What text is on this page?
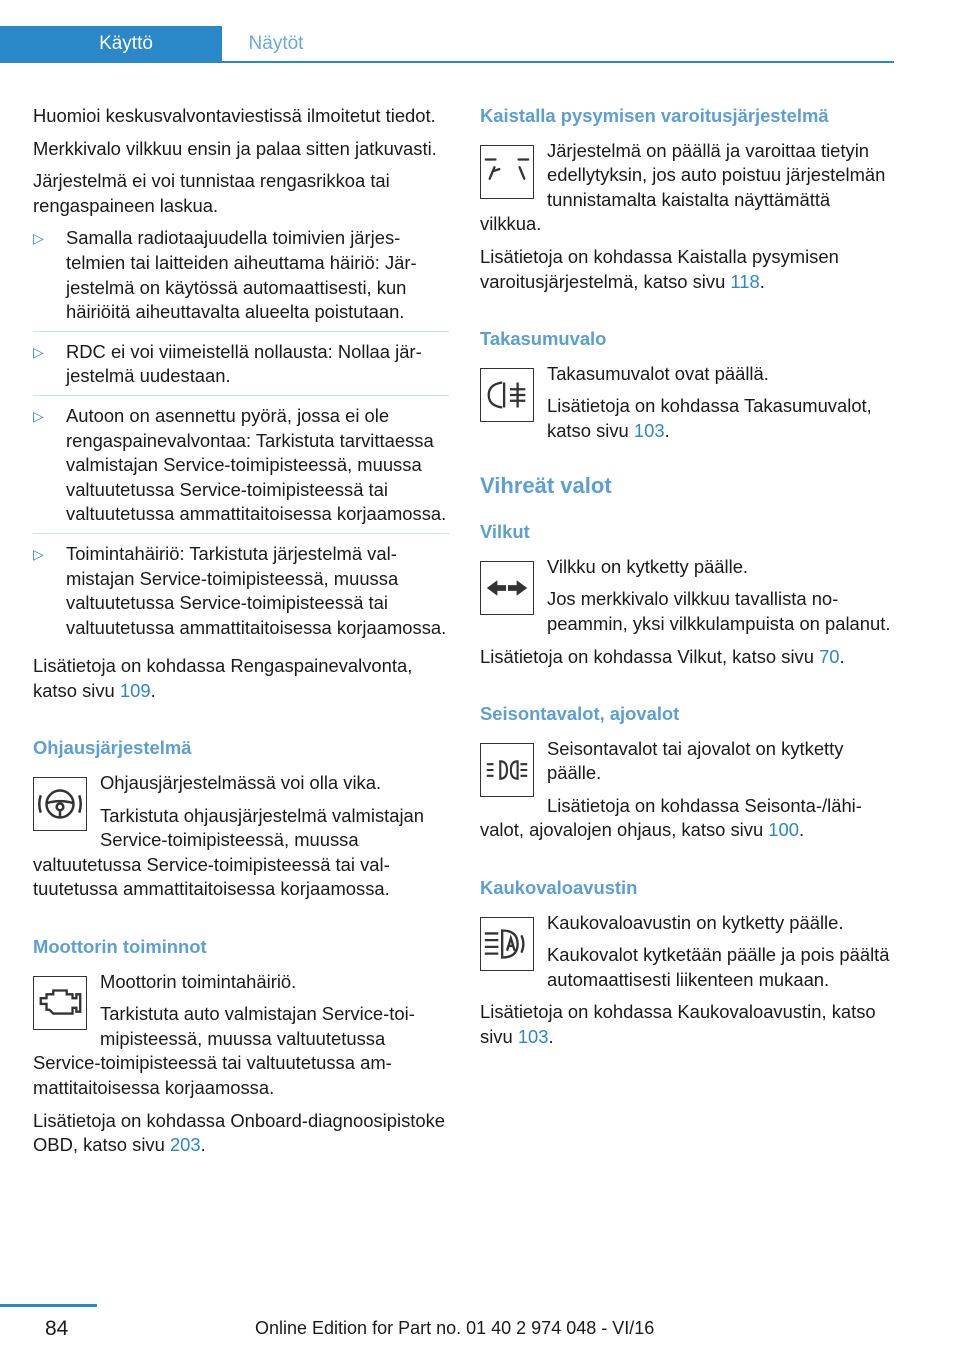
Käyttö	Näytöt

Huomioi keskusvalvontaviestissä ilmoitetut tiedot.

Merkkivalo vilkkuu ensin ja palaa sitten jatkuvasti.

Järjestelmä ei voi tunnistaa rengasrikkoa tai rengaspaineen laskua.

▷ Samalla radiotaajuudella toimivien järjestelmien tai laitteiden aiheuttama häiriö: Järjestelmä on käytössä automaattisesti, kun häiriöitä aiheuttavalta alueelta poistutaan.
▷ RDC ei voi viimeistellä nollausta: Nollaa järjestelmä uudestaan.
▷ Autoon on asennettu pyörä, jossa ei ole rengaspainevalvontaa: Tarkistuta tarvittaessa valmistajan Service-toimipisteessä, muussa valtuutetussa Service-toimipisteessä tai valtuutetussa ammattitaitoisessa korjaamossa.
▷ Toimintahäiriö: Tarkistuta järjestelmä valmistajan Service-toimipisteessä, muussa valtuutetussa Service-toimipisteessä tai valtuutetussa ammattitaitoisessa korjaamossa.

Lisätietoja on kohdassa Rengaspainevalvonta, katso sivu 109.

Ohjausjärjestelmä

Ohjausjärjestelmässä voi olla vika.

Tarkistuta ohjausjärjestelmä valmistajan Service-toimipisteessä, muussa valtuutetussa Service-toimipisteessä tai valtuutetussa ammattitaitoisessa korjaamossa.

Moottorin toiminnot

Moottorin toimintahäiriö.

Tarkistuta auto valmistajan Service-toimipisteessä, muussa valtuutetussa Service-toimipisteessä tai valtuutetussa ammattitaitoisessa korjaamossa.

Lisätietoja on kohdassa Onboard-diagnoosipistoke OBD, katso sivu 203.

Kaistalla pysymisen varoitusjärjestelmä

Järjestelmä on päällä ja varoittaa tietyin edellytyksin, jos auto poistuu järjestelmän tunnistamalta kaistalta näyttämättä vilkkua.

Lisätietoja on kohdassa Kaistalla pysymisen varoitusjärjestelmä, katso sivu 118.

Takasumuvalo

Takasumuvalot ovat päällä.

Lisätietoja on kohdassa Takasumuvalot, katso sivu 103.

Vihreät valot
Vilkut

Vilkku on kytketty päälle.

Jos merkkivalo vilkkuu tavallista nopeammin, yksi vilkkulampuista on palanut.

Lisätietoja on kohdassa Vilkut, katso sivu 70.

Seisontavalot, ajovalot

Seisontavalot tai ajovalot on kytketty päälle.

Lisätietoja on kohdassa Seisonta-/lähivalot, ajovalojen ohjaus, katso sivu 100.

Kaukovaloavustin

Kaukovaloavustin on kytketty päälle.

Kaukovalot kytketään päälle ja pois päältä automaattisesti liikenteen mukaan.

Lisätietoja on kohdassa Kaukovaloavustin, katso sivu 103.

84	Online Edition for Part no. 01 40 2 974 048 - VI/16
